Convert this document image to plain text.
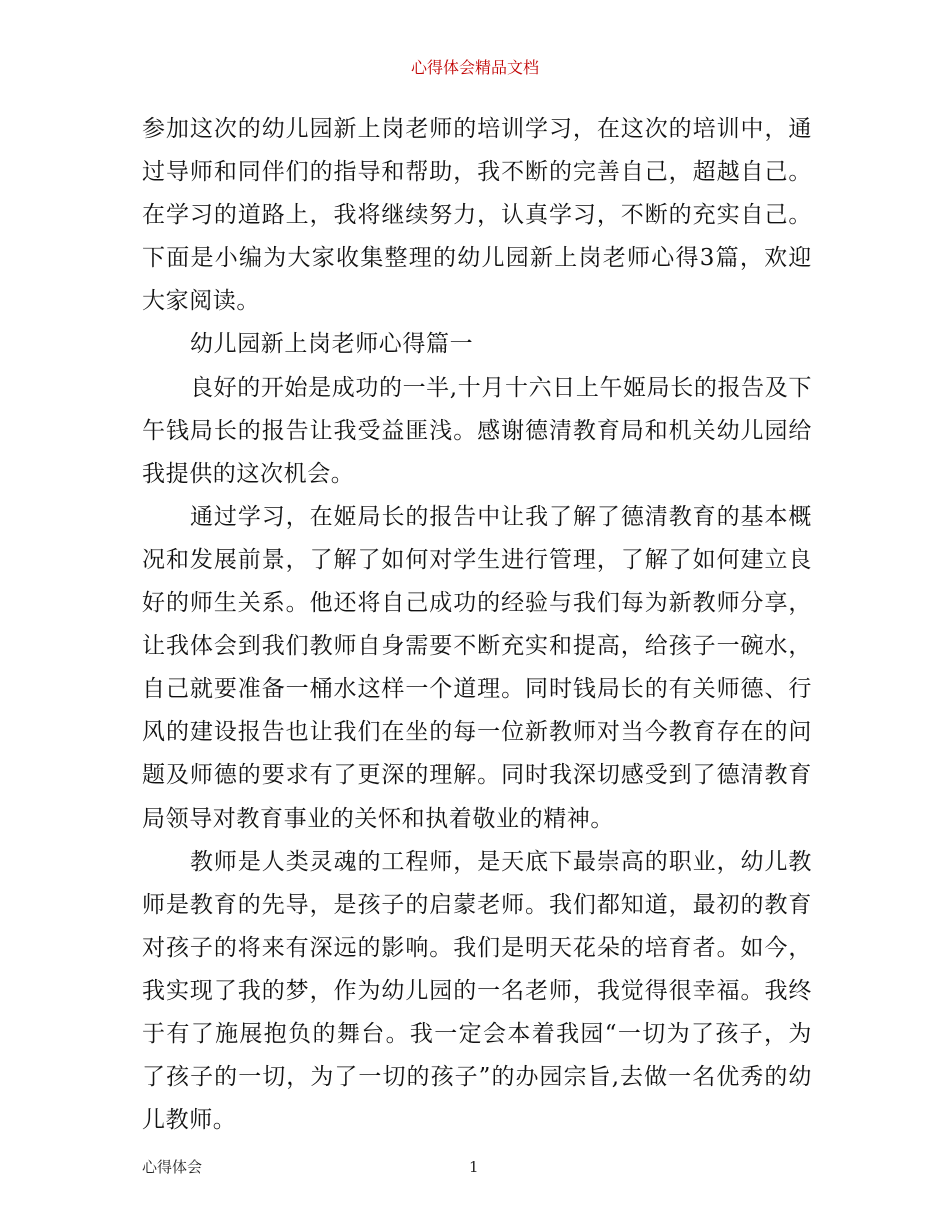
心得体会精品文档

参加这次的幼儿园新上岗老师的培训学习，在这次的培训中，通过导师和同伴们的指导和帮助，我不断的完善自己，超越自己。在学习的道路上，我将继续努力，认真学习，不断的充实自己。下面是小编为大家收集整理的幼儿园新上岗老师心得3篇，欢迎大家阅读。

幼儿园新上岗老师心得篇一

良好的开始是成功的一半,十月十六日上午姬局长的报告及下午钱局长的报告让我受益匪浅。感谢德清教育局和机关幼儿园给我提供的这次机会。

通过学习，在姬局长的报告中让我了解了德清教育的基本概况和发展前景，了解了如何对学生进行管理，了解了如何建立良好的师生关系。他还将自己成功的经验与我们每为新教师分享，让我体会到我们教师自身需要不断充实和提高，给孩子一碗水，自己就要准备一桶水这样一个道理。同时钱局长的有关师德、行风的建设报告也让我们在坐的每一位新教师对当今教育存在的问题及师德的要求有了更深的理解。同时我深切感受到了德清教育局领导对教育事业的关怀和执着敬业的精神。

教师是人类灵魂的工程师，是天底下最崇高的职业，幼儿教师是教育的先导，是孩子的启蒙老师。我们都知道，最初的教育对孩子的将来有深远的影响。我们是明天花朵的培育者。如今，我实现了我的梦，作为幼儿园的一名老师，我觉得很幸福。我终于有了施展抱负的舞台。我一定会本着我园“一切为了孩子，为了孩子的一切，为了一切的孩子”的办园宗旨,去做一名优秀的幼儿教师。

心得体会	1
